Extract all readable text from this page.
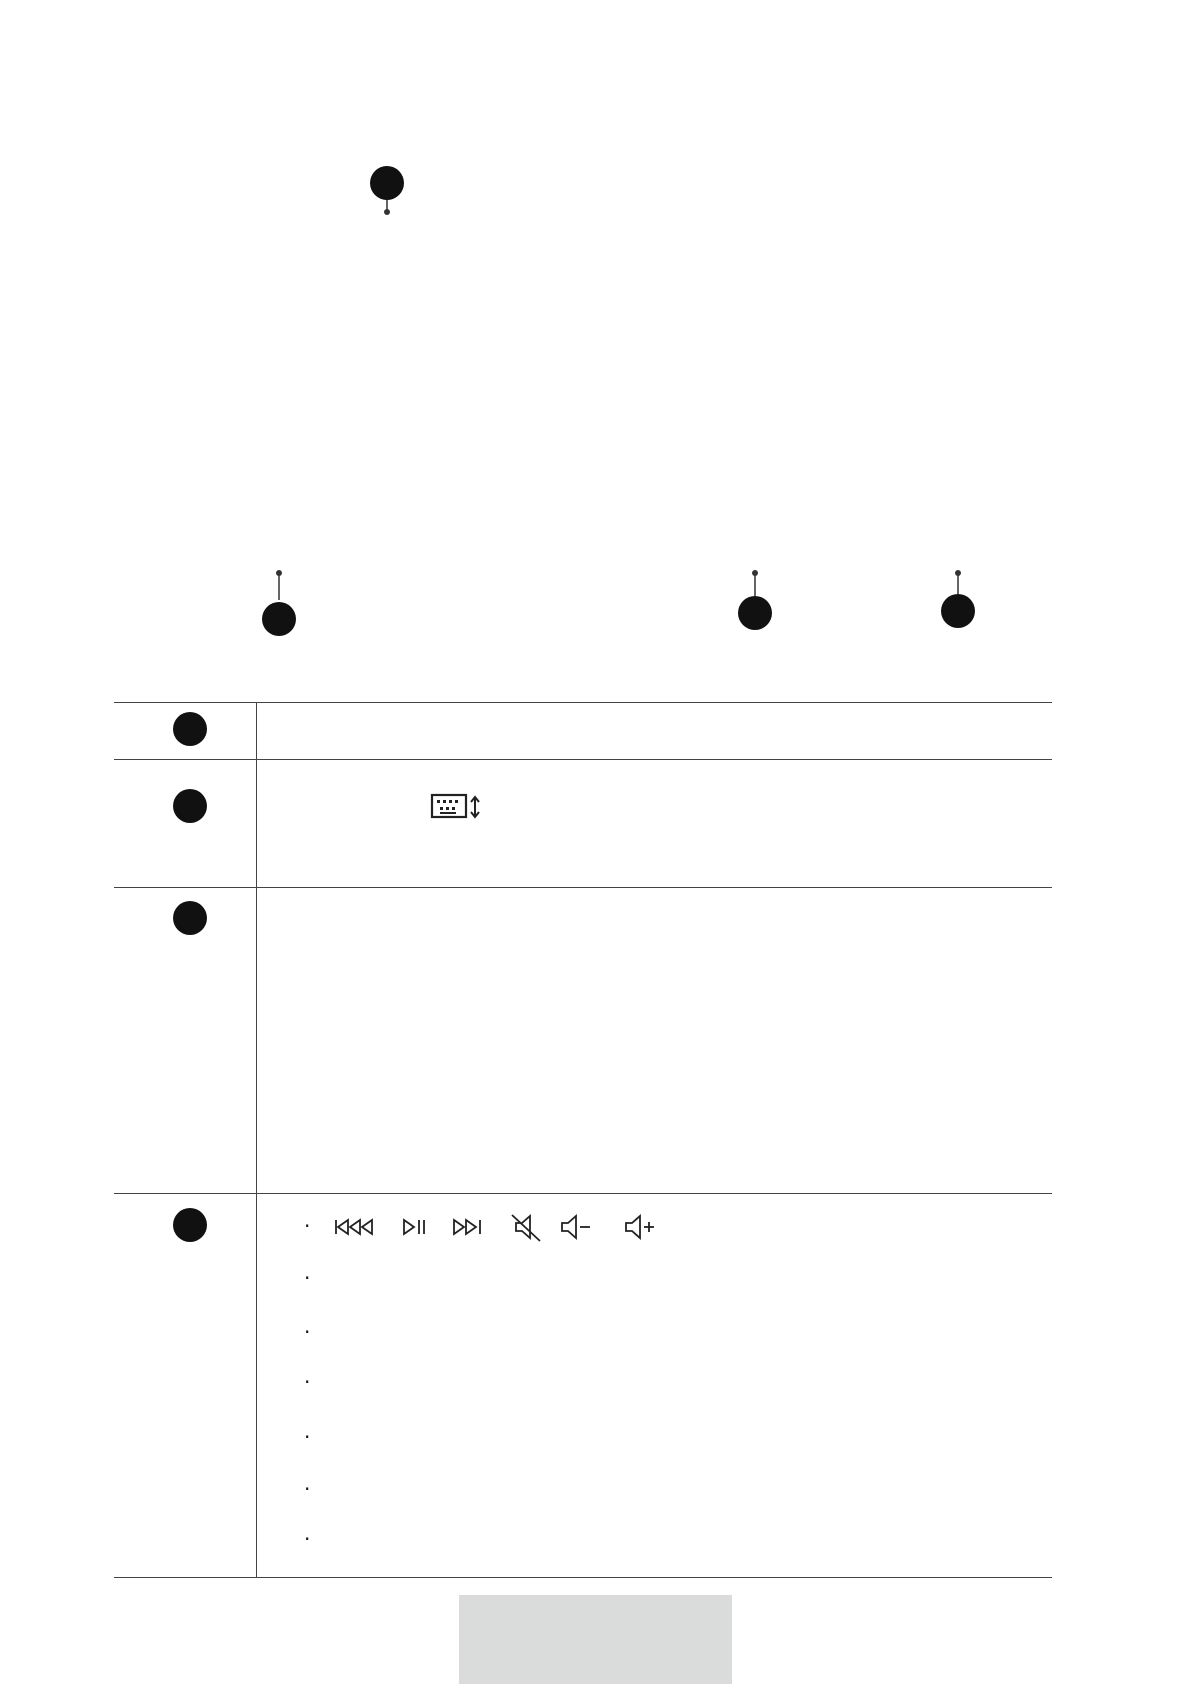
·
·
·
·
·
·
·
